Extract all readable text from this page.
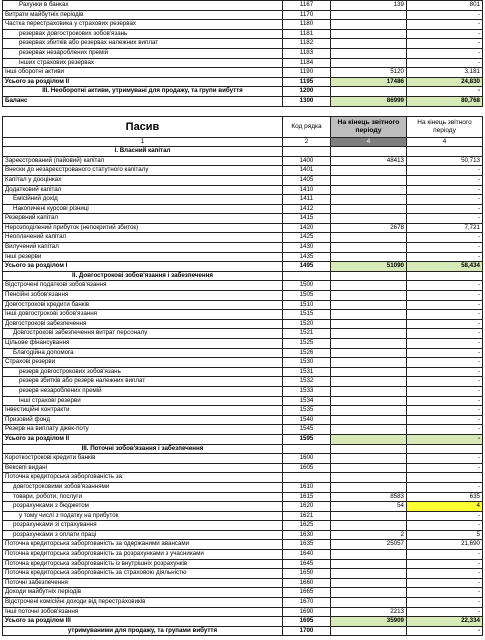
Рахунки в банках	1167	139	801
Витрати майбутніх періодів	1170		-
Частка перестраховика у страхових резервах	1180		-
резервах довгострокових зобов'язань	1181		-
резервах збитків або резервах належних виплат	1182		-
резервах незароблених премій	1183		-
інших страхових резервах	1184		-
Інші оборотні активи	1190	5120	3,181
Усього за розділом II	1195	17486	24,830
III. Необоротні активи, утримувані для продажу, та групи вибуття	1200		-
Баланс	1300	86999	80,768
Пасив	Код рядка	На кінець звітного періоду	На кінець звітного періоду
1	2	4	4
I. Власний капітал			
Зареєстрований (пайовий) капітал	1400	48413	50,713
Внески до незареєстрованого статутного капіталу	1401		-
Капітал у дооцінках	1405		-
Додатковий капітал	1410		-
Емісійний дохід	1411		-
Накопичені курсові різниці	1412		-
Резервний капітал	1415		-
Нерозподілений прибуток (непокритий збиток)	1420	2678	7,721
Неоплачений капітал	1425		-
Вилучений капітал	1430		-
Інші резерви	1435		-
Усього за розділом I	1495	51090	58,434
II. Довгострокові зобов'язання і забезпечення			
Відстрочені податкові зобов'язання	1500		-
Пенсійні зобов'язання	1505		-
Довгострокові кредити банків	1510		-
Інші довгострокові зобов'язання	1515		-
Довгострокові забезпечення	1520		-
Довгострокові забезпечення витрат персоналу	1521		-
Цільове фінансування	1525		-
Благодійна допомога	1526		-
Страхові резерви	1530		-
резерв довгострокових зобов'язань	1531		-
резерв збитків або резерв належних виплат	1532		-
резерв незароблених премій	1533		-
інші страхові резерви	1534		-
Інвестиційні контракти	1535		-
Призовий фонд	1540		-
Резерв на виплату джек-поту	1545		-
Усього за розділом II	1595		-
III. Поточні зобов'язання і забезпечення			
Короткострокові кредити банків	1600		-
Векселі видані	1605		-
Поточна кредиторська заборгованість за:			
довгостроковими зобов'язаннями	1610		-
товари, роботи, послуги	1615	8583	635
розрахунками з бюджетом	1620	54	4
у тому числі з податку на прибуток	1621		-
розрахунками зі страхування	1625		-
розрахунками з оплати праці	1630	2	5
Поточна кредиторська заборгованість за одержаними авансами	1635	25057	21,690
Поточна кредиторська заборгованість за розрахунками з учасниками	1640		-
Поточна кредиторська заборгованість із внутрішніх розрахунків	1645		-
Поточна кредиторська заборгованість за страховою діяльністю	1650		-
Поточні забезпечення	1660		-
Доходи майбутніх періодів	1665		-
Відстрочені комісійні доходи від перестраховиків	1670		-
Інші поточні зобов'язання	1690	2213	-
Усього за розділом III	1695	35909	22,334
утримуваними для продажу, та групами вибуття	1700		-
